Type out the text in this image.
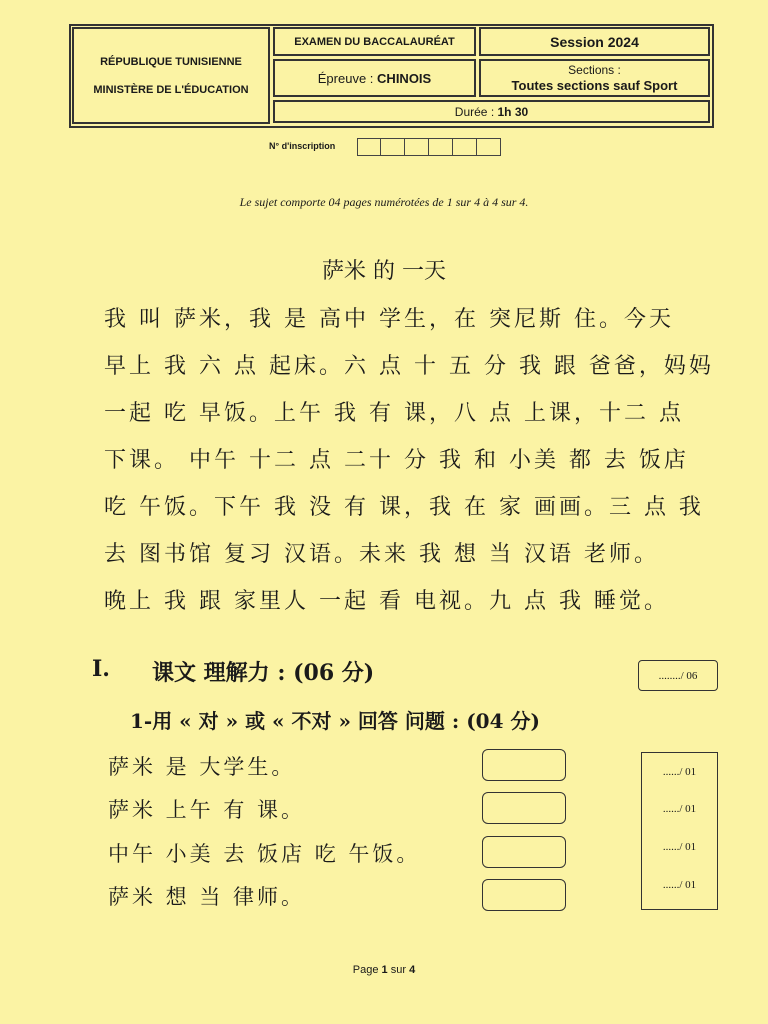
RÉPUBLIQUE TUNISIENNE
MINISTÈRE DE L'ÉDUCATION
EXAMEN DU BACCALAURÉAT	Session
2024
Épreuve :
CHINOIS
Sections :
Toutes sections sauf Sport
Durée :
1h 30
N° d'inscription
Le sujet comporte 04 pages numérotées de 1 sur 4 à 4 sur 4.
萨米 的 一天
我 叫 萨米，我 是 高中 学生，在 突尼斯 住。今天
早上 我 六 点 起床。六 点 十 五 分 我 跟 爸爸，妈妈
一起 吃 早饭。上午 我 有 课，八 点 上课，十二 点
下课。 中午 十二 点 二十 分 我 和 小美 都 去 饭店
吃 午饭。下午 我 没 有 课，我 在 家 画画。三 点 我
去 图书馆 复习 汉语。未来 我 想 当 汉语 老师。
晚上 我 跟 家里人 一起 看 电视。九 点 我 睡觉。
I. 课文 理解力 : (06 分)	......../ 06
1-用 « 对 » 或 « 不对 » 回答 问题 : (04 分)
萨米 是 大学生。
萨米 上午 有 课。
中午 小美 去 饭店 吃 午饭。
萨米 想 当 律师。
....../ 01
....../ 01
....../ 01
....../ 01
Page 1 sur 4
